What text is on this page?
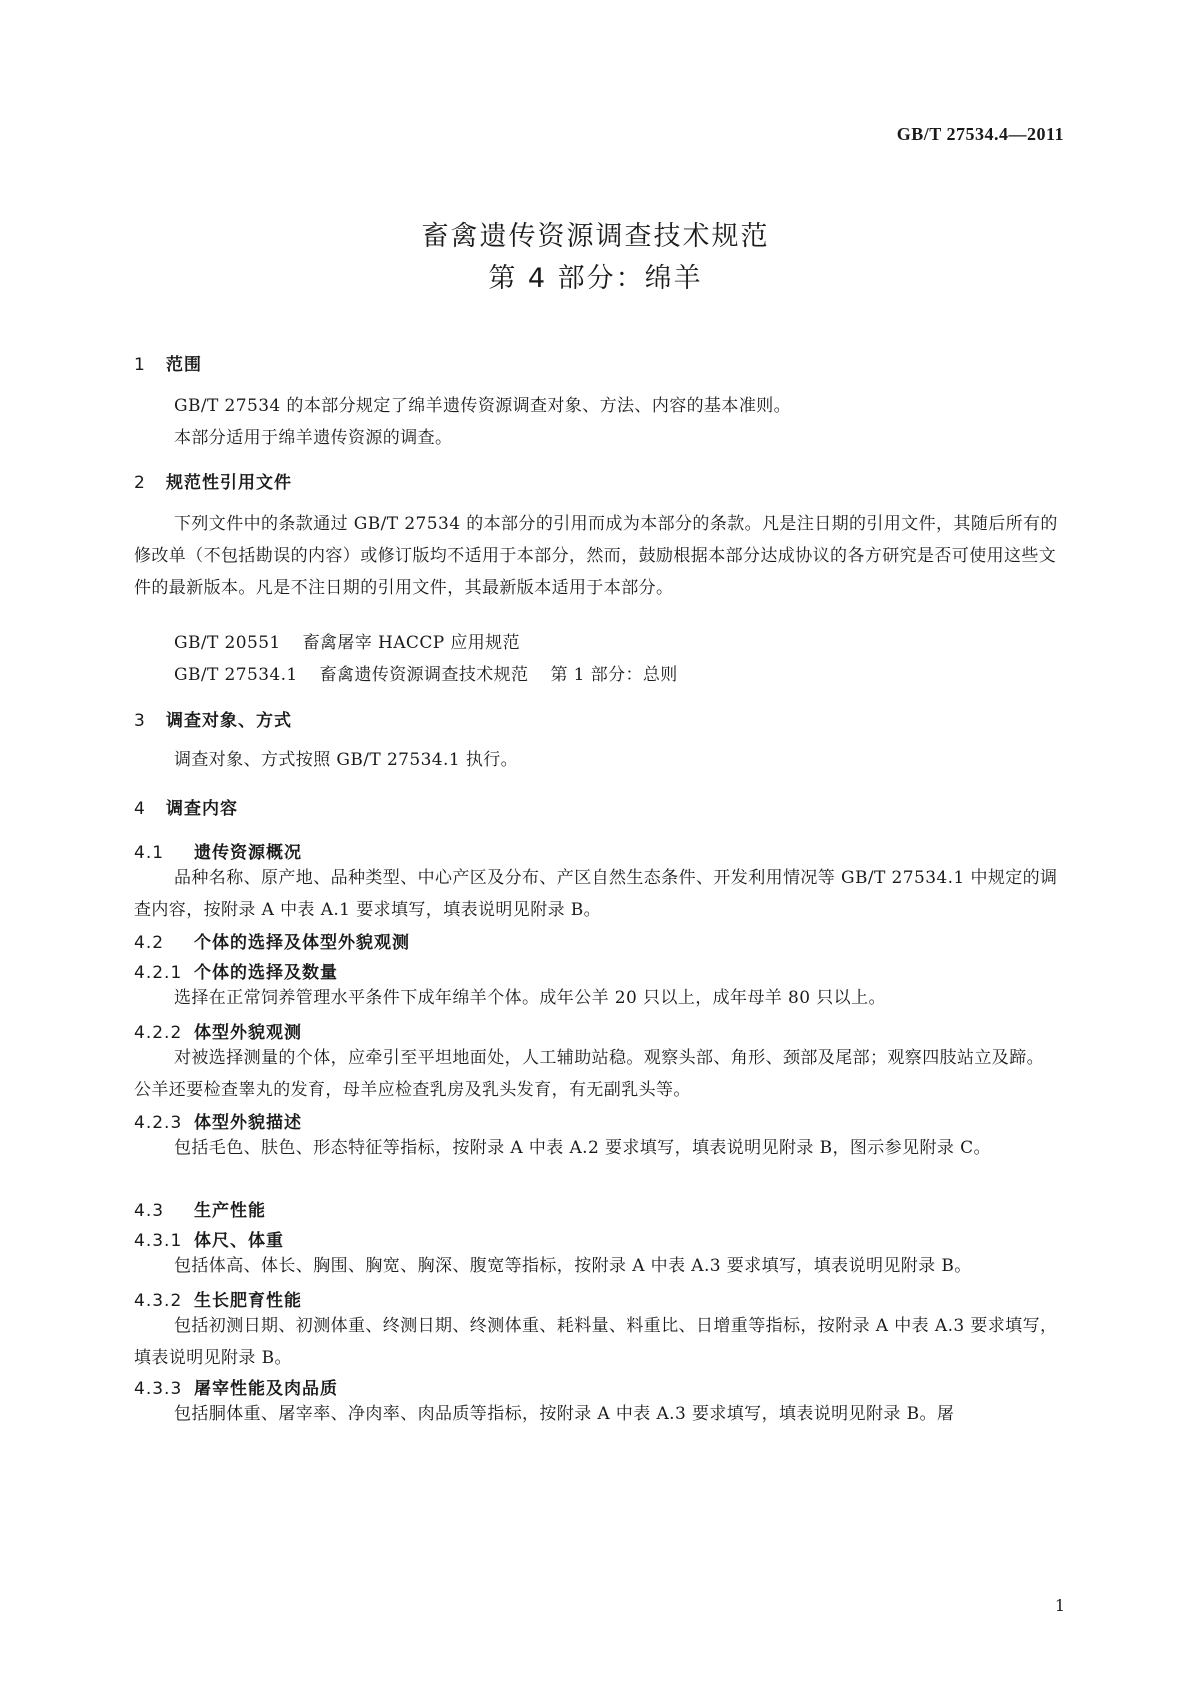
GB/T 27534.4—2011
畜禽遗传资源调查技术规范
第 4 部分：绵羊
1 范围

GB/T 27534 的本部分规定了绵羊遗传资源调查对象、方法、内容的基本准则。

本部分适用于绵羊遗传资源的调查。

2 规范性引用文件

下列文件中的条款通过 GB/T 27534 的本部分的引用而成为本部分的条款。凡是注日期的引用文件，其随后所有的修改单（不包括勘误的内容）或修订版均不适用于本部分，然而，鼓励根据本部分达成协议的各方研究是否可使用这些文件的最新版本。凡是不注日期的引用文件，其最新版本适用于本部分。

GB/T 20551 畜禽屠宰 HACCP 应用规范
GB/T 27534.1 畜禽遗传资源调查技术规范 第 1 部分：总则
3 调查对象、方式

调查对象、方式按照 GB/T 27534.1 执行。

4 调查内容
4.1 遗传资源概况

品种名称、原产地、品种类型、中心产区及分布、产区自然生态条件、开发利用情况等 GB/T 27534.1 中规定的调查内容，按附录 A 中表 A.1 要求填写，填表说明见附录 B。

4.2 个体的选择及体型外貌观测
4.2.1 个体的选择及数量

选择在正常饲养管理水平条件下成年绵羊个体。成年公羊 20 只以上，成年母羊 80 只以上。

4.2.2 体型外貌观测

对被选择测量的个体，应牵引至平坦地面处，人工辅助站稳。观察头部、角形、颈部及尾部；观察四肢站立及蹄。公羊还要检查睾丸的发育，母羊应检查乳房及乳头发育，有无副乳头等。

4.2.3 体型外貌描述

包括毛色、肤色、形态特征等指标，按附录 A 中表 A.2 要求填写，填表说明见附录 B，图示参见附录 C。

4.3 生产性能
4.3.1 体尺、体重

包括体高、体长、胸围、胸宽、胸深、腹宽等指标，按附录 A 中表 A.3 要求填写，填表说明见附录 B。

4.3.2 生长肥育性能

包括初测日期、初测体重、终测日期、终测体重、耗料量、料重比、日增重等指标，按附录 A 中表 A.3 要求填写，填表说明见附录 B。

4.3.3 屠宰性能及肉品质

包括胴体重、屠宰率、净肉率、肉品质等指标，按附录 A 中表 A.3 要求填写，填表说明见附录 B。屠

1
